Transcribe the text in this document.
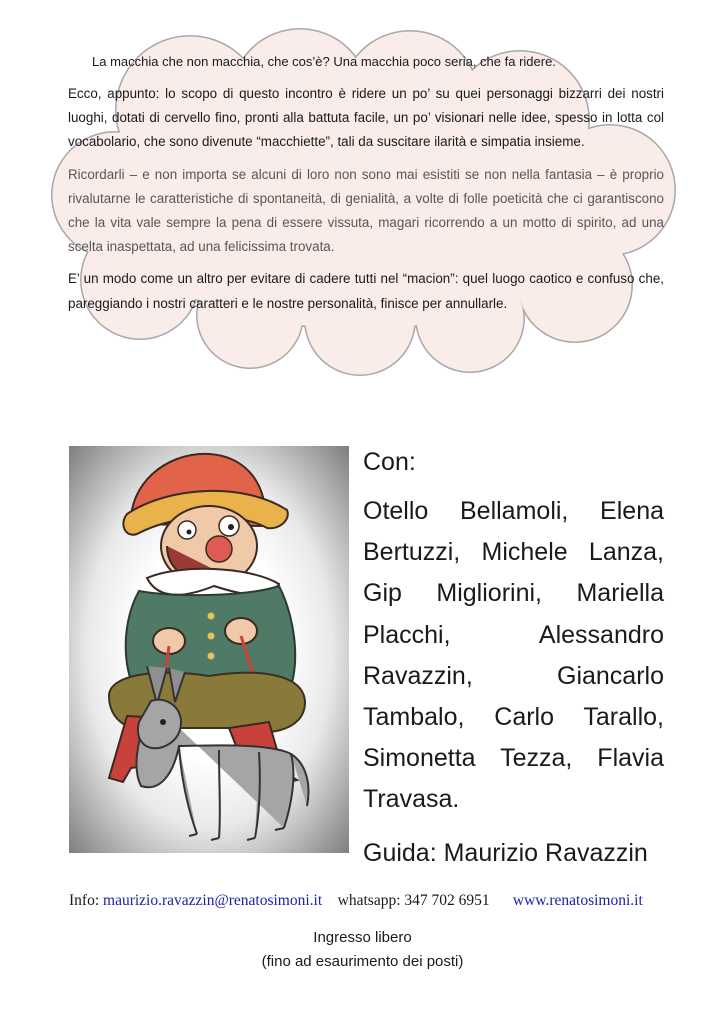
La macchia che non macchia, che cos’è? Una macchia poco seria, che fa ridere.

Ecco, appunto: lo scopo di questo incontro è ridere un po’ su quei personaggi bizzarri dei nostri luoghi, dotati di cervello fino, pronti alla battuta facile, un po’ visionari nelle idee, spesso in lotta col vocabolario, che sono divenute “macchiette”, tali da suscitare ilarità e simpatia insieme.

Ricordarli – e non importa se alcuni di loro non sono mai esistiti se non nella fantasia – è proprio rivalutarne le caratteristiche di spontaneità, di genialità, a volte di folle poeticità che ci garantiscono che la vita vale sempre la pena di essere vissuta, magari ricorrendo a un motto di spirito, ad una scelta inaspettata, ad una felicissima trovata.

E’ un modo come un altro per evitare di cadere tutti nel “macion”: quel luogo caotico e confuso che, pareggiando i nostri caratteri e le nostre personalità, finisce per annullarle.

Con:

Otello Bellamoli, Elena Bertuzzi, Michele Lanza, Gip Migliorini, Mariella Placchi, Alessandro Ravazzin, Giancarlo Tambalo, Carlo Tarallo, Simonetta Tezza, Flavia Travasa.

Guida: Maurizio Ravazzin
Info: maurizio.ravazzin@renatosimoni.it whatsapp: 347 702 6951 www.renatosimoni.it
Ingresso libero
(fino ad esaurimento dei posti)
